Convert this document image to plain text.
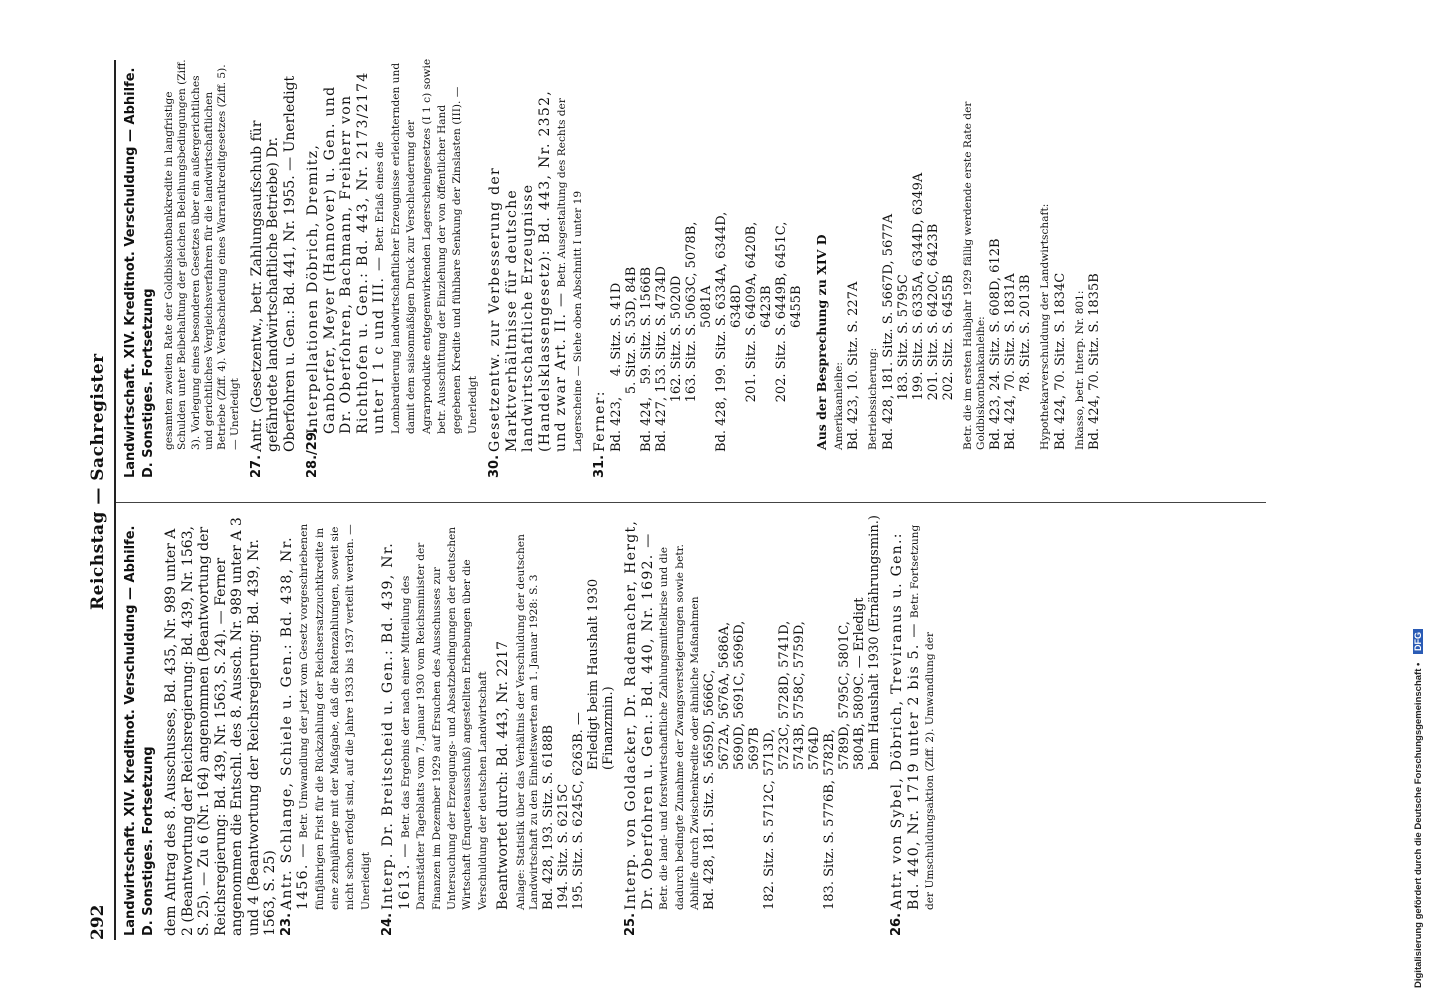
292
Reichstag — Sachregister
Landwirtschaft. XIV. Kreditnot. Verschuldung — Abhilfe. D. Sonstiges. Fortsetzung dem Antrag des 8. Ausschusses, Bd. 435, Nr. 989 unter A 2 (Beantwortung der Reichsregierung: Bd. 439, Nr. 1563, S. 25). — Zu 6 (Nr. 164) angenommen (Beantwortung der Reichsregierung: Bd. 439, Nr. 1563, S. 24). — Ferner angenommen die Entschl. des 8. Aussch. Nr. 989 unter A 3 und 4 (Beantwortung der Reichsregierung: Bd. 439, Nr. 1563, S. 25) 23.
Antr. Schlange, Schiele u. Gen.: Bd. 438, Nr. 1456. — Betr. Umwandlung der jetzt vom Gesetz vorgeschriebenen fünfjährigen Frist für die Rückzahlung der Reichsersatzzuchtkredite in eine zehnjährige mit der Maßgabe, daß die Ratenzahlungen, soweit sie nicht schon erfolgt sind, auf die Jahre 1933 bis 1937 verteilt werden. — Unerledigt
24.
Interp. Dr. Breitscheid u. Gen.: Bd. 439, Nr. 1613. — Betr. das Ergebnis der nach einer Mitteilung des Darmstädter Tageblatts vom 7. Januar 1930 vom Reichsminister der Finanzen im Dezember 1929 auf Ersuchen des Ausschusses zur Untersuchung der Erzeugungs- und Absatzbedingungen der deutschen Wirtschaft (Enqueteausschuß) angestellten Erhebungen über die Verschuldung der deutschen Landwirtschaft Beantwortet durch: Bd. 443, Nr. 2217 Anlage: Statistik über das Verhältnis der Verschuldung der deutschen Landwirtschaft zu den Einheitswerten am 1. Januar 1928: S. 3 Bd. 428, 193. Sitz. S. 6188B 194. Sitz. S. 6215C 195. Sitz. S. 6245C, 6263B. —

Erledigt beim Haushalt 1930 (Finanzmin.)

25.
Interp. von Goldacker, Dr. Rademacher, Hergt, Dr. Oberfohren u. Gen.: Bd. 440, Nr. 1692. — Betr. die land- und forstwirtschaftliche Zahlungsmittelkrise und die dadurch bedingte Zunahme der Zwangsversteigerungen sowie betr. Abhilfe durch Zwischenkredite oder ähnliche Maßnahmen Bd. 428, 181. Sitz. S. 5659D, 5666C, 5672A, 5676A, 5686A, 5690D, 5691C, 5696D, 5697B 182. Sitz. S. 5712C, 5713D,

5723C, 5728D, 5741D, 5743B, 5758C, 5759D, 5764D 183. Sitz. S. 5776B, 5782B,

5789D, 5795C, 5801C, 5804B, 5809C. — Erledigt beim Haushalt 1930 (Ernährungsmin.)

26.
Antr. von Sybel, Döbrich, Treviranus u. Gen.: Bd. 440, Nr. 1719 unter 2 bis 5. — Betr. Fortsetzung der Umschuldungsaktion (Ziff. 2). Umwandlung der
Landwirtschaft. XIV. Kreditnot. Verschuldung — Abhilfe. D. Sonstiges. Fortsetzung gesamten zweiten Rate der Goldbiskontbankkredite in langfristige Schulden unter Beibehaltung der gleichen Beleihungsbedingungen (Ziff. 3). Vorlegung eines besonderen Gesetzes über ein außergerichtliches und gerichtliches Vergleichsverfahren für die landwirtschaftlichen Betriebe (Ziff. 4). Verabschiedung eines Warrantkreditgesetzes (Ziff. 5). — Unerledigt

27.
Antr. (Gesetzentw., betr. Zahlungsaufschub für gefährdete landwirtschaftliche Betriebe) Dr. Oberfohren u. Gen.: Bd. 441, Nr. 1955. — Unerledigt
28./29.
Interpellationen Döbrich, Dremitz, Ganborfer, Meyer (Hannover) u. Gen. und Dr. Oberfohren, Bachmann, Freiherr von Richthofen u. Gen.: Bd. 443, Nr. 2173/2174 unter I 1 c und III. — Betr. Erlaß eines die Lombardierung landwirtschaftlicher Erzeugnisse erleichternden und damit dem saisonmäßigen Druck zur Verschleuderung der Agrarprodukte entgegenwirkenden Lagerscheingesetzes (I 1 c) sowie betr. Ausschüttung der Einziehung der von öffentlicher Hand gegebenen Kredite und fühlbare Senkung der Zinslasten (III). — Unerledigt
30.
Gesetzentw. zur Verbesserung der Marktverhältnisse für deutsche landwirtschaftliche Erzeugnisse (Handelsklassengesetz): Bd. 443, Nr. 2352, und zwar Art. II. — Betr. Ausgestaltung des Rechts der Lagerscheine — Siehe oben Abschnitt I unter 19
31.
Ferner: Bd. 423,     4. Sitz. S. 41D 5. Sitz. S. 53D, 84B Bd. 424,   59. Sitz. S. 1566B Bd. 427, 153. Sitz. S. 4734D 162. Sitz. S. 5020D 163. Sitz. S. 5063C, 5078B, 5081A Bd. 428, 199. Sitz. S. 6334A, 6344D, 6348D 201. Sitz. S. 6409A, 6420B, 6423B 202. Sitz. S. 6449B, 6451C, 6455B Aus der Besprechung zu XIV D Amerikaanleihe: Bd. 423, 10. Sitz. S. 227A Betriebssicherung: Bd. 428, 181. Sitz. S. 5667D, 5677A 183. Sitz. S. 5795C 199. Sitz. S. 6335A, 6344D, 6349A 201. Sitz. S. 6420C, 6423B 202. Sitz. S. 6455B Betr. die im ersten Halbjahr 1929 fällig werdende erste Rate der Goldbiskontbankanleihe: Bd. 423, 24. Sitz. S. 608D, 612B Bd. 424, 70. Sitz. S. 1831A 78. Sitz. S. 2013B Hypothekarverschuldung der Landwirtschaft: Bd. 424, 70. Sitz. S. 1834C Inkasso, betr. Interp. Nr. 801: Bd. 424, 70. Sitz. S. 1835B

Digitalisierung gefördert durch die Deutsche Forschungsgemeinschaft • DFG
